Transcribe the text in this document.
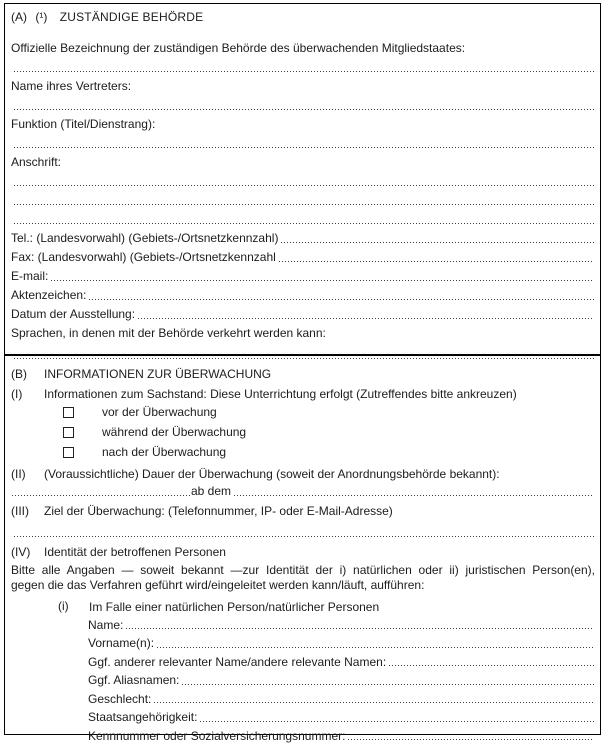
(A) (¹) ZUSTÄNDIGE BEHÖRDE
Offizielle Bezeichnung der zuständigen Behörde des überwachenden Mitgliedstaates:
Name ihres Vertreters:
Funktion (Titel/Dienstrang):
Anschrift:
Tel.: (Landesvorwahl) (Gebiets-/Ortsnetzkennzahl)
Fax: (Landesvorwahl) (Gebiets-/Ortsnetzkennzahl
E-mail:
Aktenzeichen:
Datum der Ausstellung:
Sprachen, in denen mit der Behörde verkehrt werden kann:
(B)	INFORMATIONEN ZUR ÜBERWACHUNG
(I)	Informationen zum Sachstand: Diese Unterrichtung erfolgt (Zutreffendes bitte ankreuzen)
vor der Überwachung
während der Überwachung
nach der Überwachung
(II)	(Voraussichtliche) Dauer der Überwachung (soweit der Anordnungsbehörde bekannt):
ab dem
(III)	Ziel der Überwachung: (Telefonnummer, IP- oder E-Mail-Adresse)
(IV)	Identität der betroffenen Personen
Bitte alle Angaben — soweit bekannt —zur Identität der i) natürlichen oder ii) juristischen Person(en),
gegen die das Verfahren geführt wird/eingeleitet werden kann/läuft, aufführen:
(i)	Im Falle einer natürlichen Person/natürlicher Personen
Name:
Vorname(n):
Ggf. anderer relevanter Name/andere relevante Namen:
Ggf. Aliasnamen:
Geschlecht:
Staatsangehörigkeit:
Kennnummer oder Sozialversicherungsnummer:
